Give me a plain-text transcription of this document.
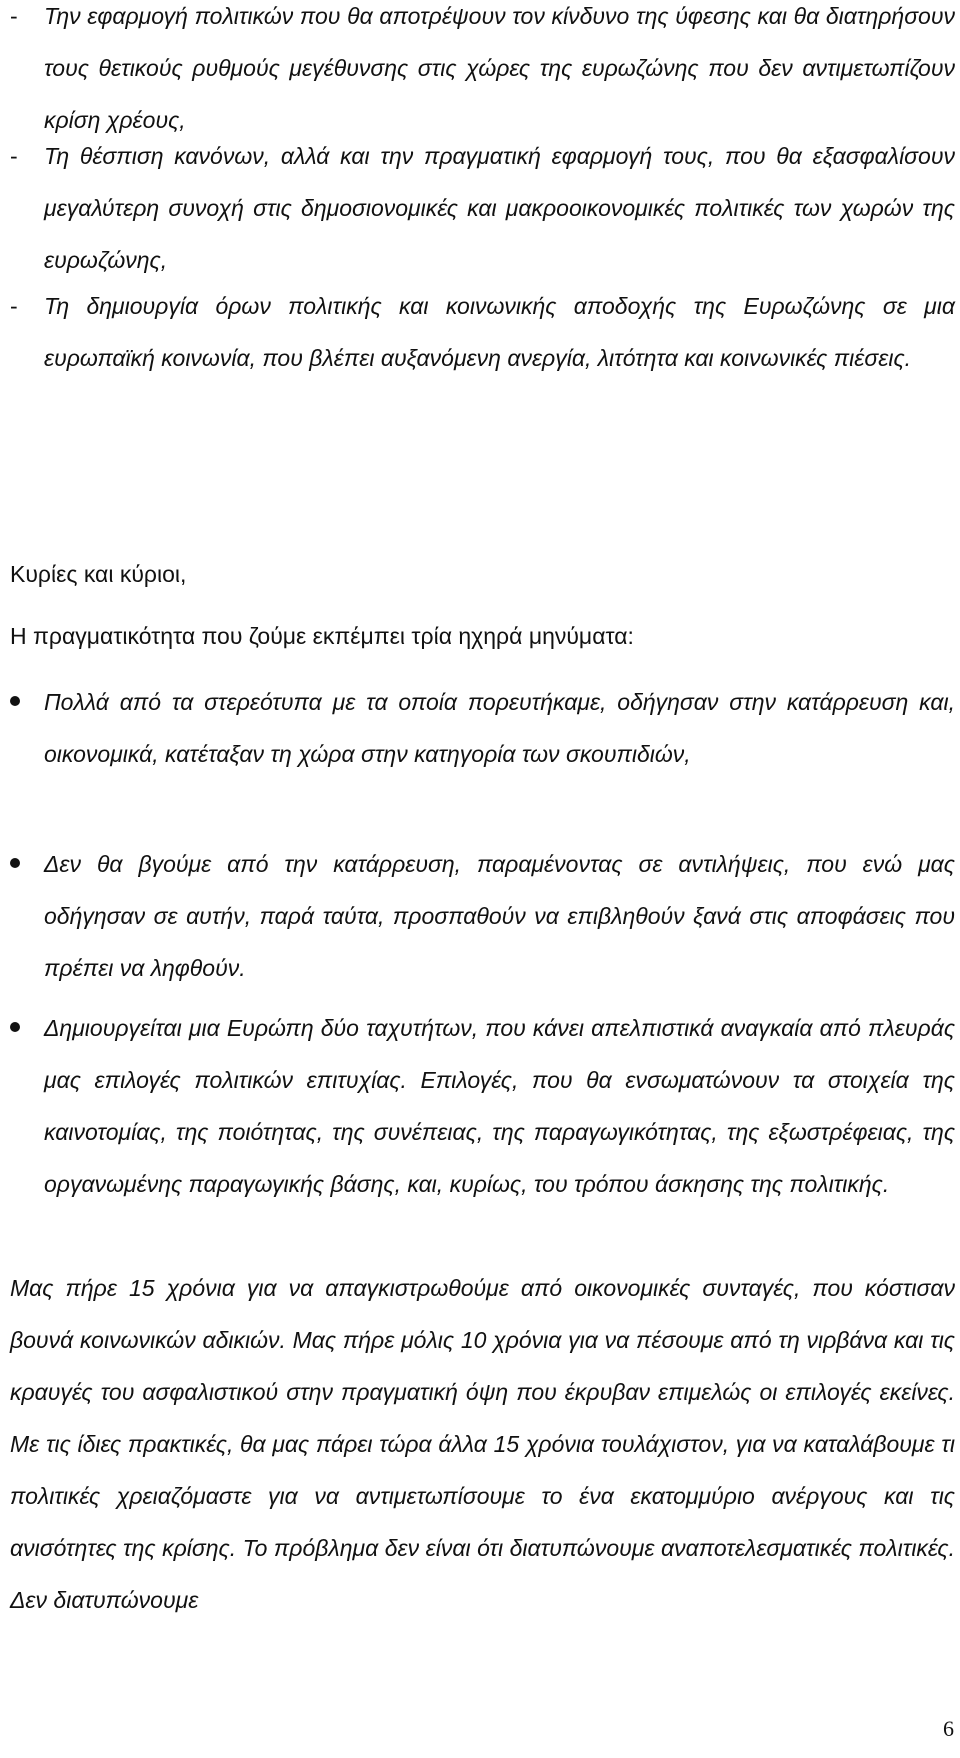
- Την εφαρμογή πολιτικών που θα αποτρέψουν τον κίνδυνο της ύφεσης και θα διατηρήσουν τους θετικούς ρυθμούς μεγέθυνσης στις χώρες της ευρωζώνης που δεν αντιμετωπίζουν κρίση χρέους,
- Τη θέσπιση κανόνων, αλλά και την πραγματική εφαρμογή τους, που θα εξασφαλίσουν μεγαλύτερη συνοχή στις δημοσιονομικές και μακροοικονομικές πολιτικές των χωρών της ευρωζώνης,
- Τη δημιουργία όρων πολιτικής και κοινωνικής αποδοχής της Ευρωζώνης σε μια ευρωπαϊκή κοινωνία, που βλέπει αυξανόμενη ανεργία, λιτότητα και κοινωνικές πιέσεις.
Κυρίες και κύριοι,
Η πραγματικότητα που ζούμε εκπέμπει τρία ηχηρά μηνύματα:
Πολλά από τα στερεότυπα με τα οποία πορευτήκαμε, οδήγησαν στην κατάρρευση και, οικονομικά, κατέταξαν τη χώρα στην κατηγορία των σκουπιδιών,
Δεν θα βγούμε από την κατάρρευση, παραμένοντας σε αντιλήψεις, που ενώ μας οδήγησαν σε αυτήν, παρά ταύτα, προσπαθούν να επιβληθούν ξανά στις αποφάσεις που πρέπει να ληφθούν.
Δημιουργείται μια Ευρώπη δύο ταχυτήτων, που κάνει απελπιστικά αναγκαία από πλευράς μας επιλογές πολιτικών επιτυχίας. Επιλογές, που θα ενσωματώνουν τα στοιχεία της καινοτομίας, της ποιότητας, της συνέπειας, της παραγωγικότητας, της εξωστρέφειας, της οργανωμένης παραγωγικής βάσης, και, κυρίως, του τρόπου άσκησης της πολιτικής.
Μας πήρε 15 χρόνια για να απαγκιστρωθούμε από οικονομικές συνταγές, που κόστισαν βουνά κοινωνικών αδικιών. Μας πήρε μόλις 10 χρόνια για να πέσουμε από τη νιρβάνα και τις κραυγές του ασφαλιστικού στην πραγματική όψη που έκρυβαν επιμελώς οι επιλογές εκείνες. Με τις ίδιες πρακτικές, θα μας πάρει τώρα άλλα 15 χρόνια τουλάχιστον, για να καταλάβουμε τι πολιτικές χρειαζόμαστε για να αντιμετωπίσουμε το ένα εκατομμύριο ανέργους και τις ανισότητες της κρίσης. Το πρόβλημα δεν είναι ότι διατυπώνουμε αναποτελεσματικές πολιτικές. Δεν διατυπώνουμε
6
